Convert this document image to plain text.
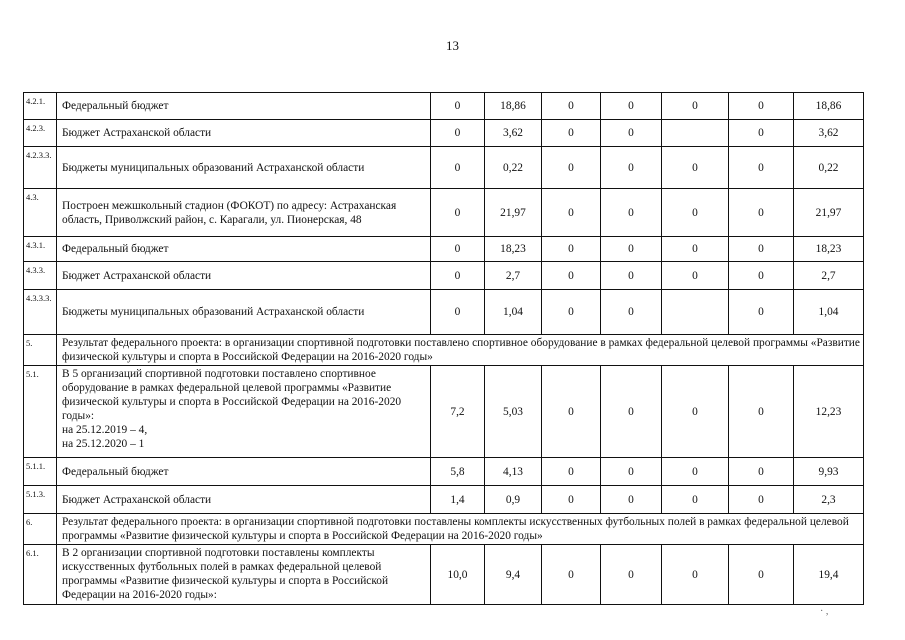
13
4.2.1.	Федеральный бюджет	0	18,86	0	0	0	0	18,86
4.2.3.	Бюджет Астраханской области	0	3,62	0	0		0	3,62
4.2.3.3.	Бюджеты муниципальных образований Астраханской области	0	0,22	0	0	0	0	0,22
4.3.	Построен межшкольный стадион (ФОКОТ) по адресу: Астраханская область, Приволжский район, с. Карагали, ул. Пионерская, 48	0	21,97	0	0	0	0	21,97
4.3.1.	Федеральный бюджет	0	18,23	0	0	0	0	18,23
4.3.3.	Бюджет Астраханской области	0	2,7	0	0	0	0	2,7
4.3.3.3.	Бюджеты муниципальных образований Астраханской области	0	1,04	0	0		0	1,04
5.	Результат федерального проекта: в организации спортивной подготовки поставлено спортивное оборудование в рамках федеральной целевой программы «Развитие физической культуры и спорта в Российской Федерации на 2016-2020 годы»							
5.1.	В 5 организаций спортивной подготовки поставлено спортивное оборудование в рамках федеральной целевой программы «Развитие физической культуры и спорта в Российской Федерации на 2016-2020 годы»:
на 25.12.2019 – 4,
на 25.12.2020 – 1	7,2	5,03	0	0	0	0	12,23
5.1.1.	Федеральный бюджет	5,8	4,13	0	0	0	0	9,93
5.1.3.	Бюджет Астраханской области	1,4	0,9	0	0	0	0	2,3
6.	Результат федерального проекта: в организации спортивной подготовки поставлены комплекты искусственных футбольных полей в рамках федеральной целевой программы «Развитие физической культуры и спорта в Российской Федерации на 2016-2020 годы»							
6.1.	В 2 организации спортивной подготовки поставлены комплекты искусственных футбольных полей в рамках федеральной целевой программы «Развитие физической культуры и спорта в Российской Федерации на 2016-2020 годы»:	10,0	9,4	0	0	0	0	19,4
· ,
